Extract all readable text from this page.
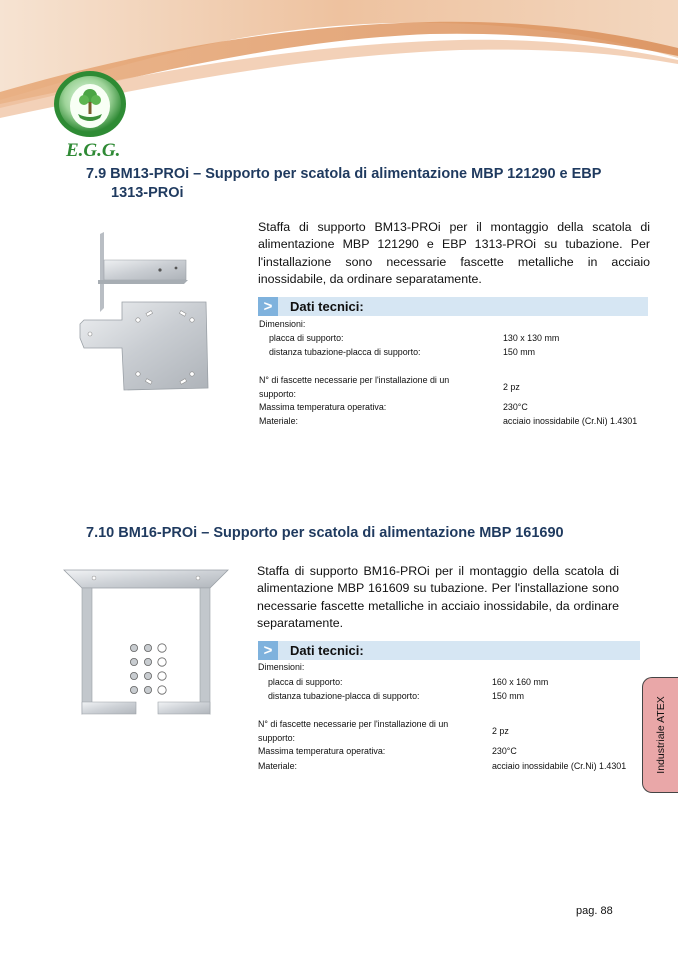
E.G.G.
7.9 BM13-PROi – Supporto per scatola di alimentazione MBP 121290 e EBP
1313-PROi
Staffa di supporto BM13-PROi per il montaggio della scatola di
alimentazione MBP 121290 e EBP 1313-PROi su tubazione. Per
l'installazione sono necessarie fascette metalliche in acciaio
inossidabile, da ordinare separatamente.
>	Dati tecnici:
Dimensioni:
placca di supporto:	130 x 130 mm
distanza tubazione-placca di supporto:	150 mm
N° di fascette necessarie per l'installazione di un
supporto:
2 pz
Massima temperatura operativa:	230°C
Materiale:	acciaio inossidabile (Cr.Ni) 1.4301
7.10 BM16-PROi – Supporto per scatola di alimentazione MBP 161690
Staffa di supporto BM16-PROi per il montaggio della scatola di
alimentazione MBP 161609 su tubazione. Per l'installazione sono
necessarie fascette metalliche in acciaio inossidabile, da ordinare
separatamente.
>	Dati tecnici:
Dimensioni:
placca di supporto:	160 x 160 mm
distanza tubazione-placca di supporto:	150 mm
N° di fascette necessarie per l'installazione di un
supporto:
2 pz
Massima temperatura operativa:	230°C
Materiale:	acciaio inossidabile (Cr.Ni) 1.4301	Industriale ATEX
pag. 88
